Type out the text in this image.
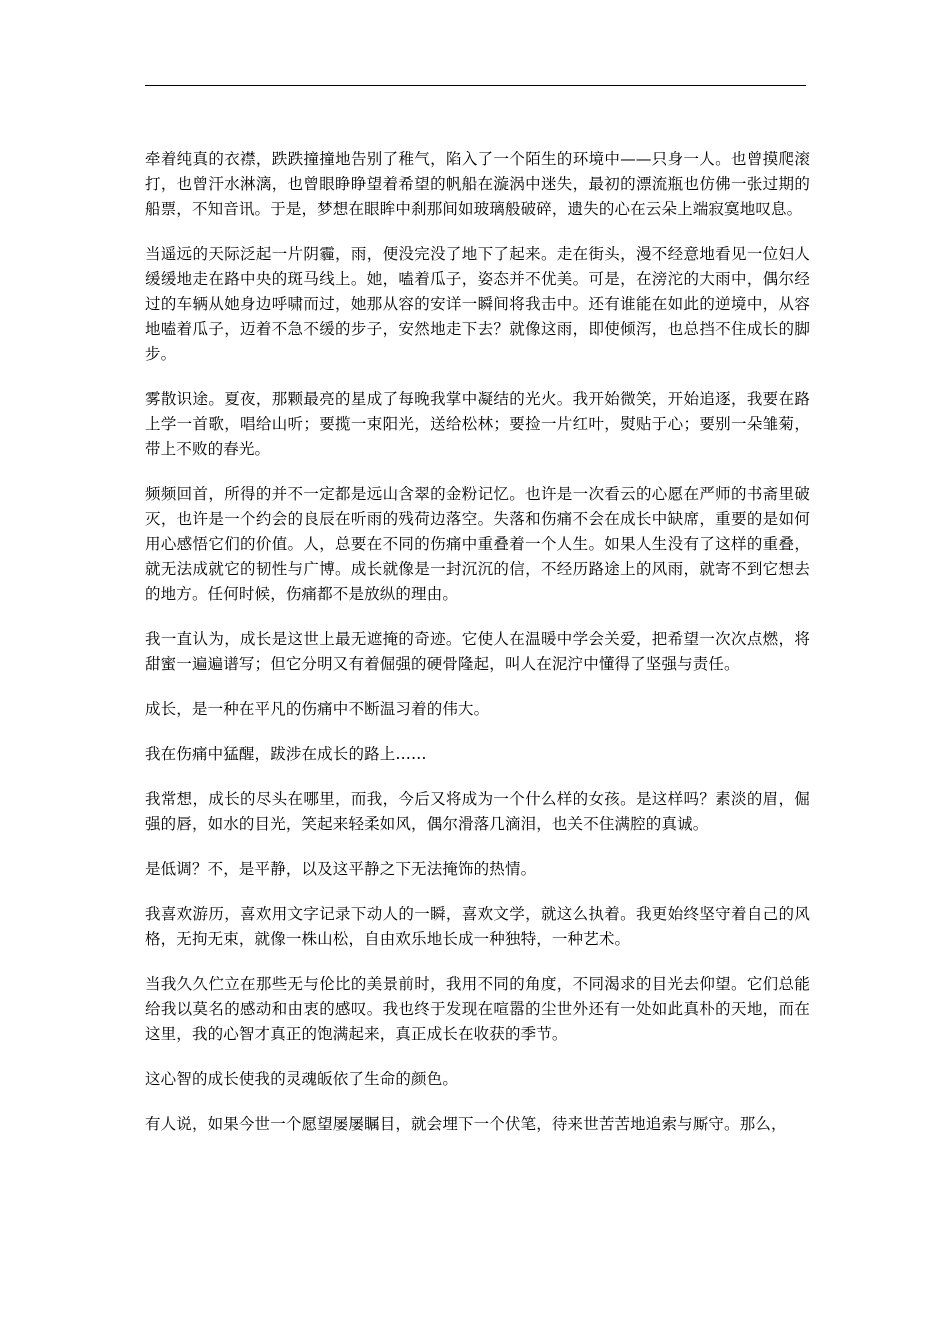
牵着纯真的衣襟，跌跌撞撞地告别了稚气，陷入了一个陌生的环境中——只身一人。也曾摸爬滚打，也曾汗水淋漓，也曾眼睁睁望着希望的帆船在漩涡中迷失，最初的漂流瓶也仿佛一张过期的船票，不知音讯。于是，梦想在眼眸中刹那间如玻璃般破碎，遗失的心在云朵上端寂寞地叹息。

当遥远的天际泛起一片阴霾，雨，便没完没了地下了起来。走在街头，漫不经意地看见一位妇人缓缓地走在路中央的斑马线上。她，嗑着瓜子，姿态并不优美。可是，在滂沱的大雨中，偶尔经过的车辆从她身边呼啸而过，她那从容的安详一瞬间将我击中。还有谁能在如此的逆境中，从容地嗑着瓜子，迈着不急不缓的步子，安然地走下去？就像这雨，即使倾泻，也总挡不住成长的脚步。

雾散识途。夏夜，那颗最亮的星成了每晚我掌中凝结的光火。我开始微笑，开始追逐，我要在路上学一首歌，唱给山听；要揽一束阳光，送给松林；要捡一片红叶，熨贴于心；要别一朵雏菊，带上不败的春光。

频频回首，所得的并不一定都是远山含翠的金粉记忆。也许是一次看云的心愿在严师的书斋里破灭，也许是一个约会的良辰在听雨的残荷边落空。失落和伤痛不会在成长中缺席，重要的是如何用心感悟它们的价值。人，总要在不同的伤痛中重叠着一个人生。如果人生没有了这样的重叠，就无法成就它的韧性与广博。成长就像是一封沉沉的信，不经历路途上的风雨，就寄不到它想去的地方。任何时候，伤痛都不是放纵的理由。

我一直认为，成长是这世上最无遮掩的奇迹。它使人在温暖中学会关爱，把希望一次次点燃，将甜蜜一遍遍谱写；但它分明又有着倔强的硬骨隆起，叫人在泥泞中懂得了坚强与责任。

成长，是一种在平凡的伤痛中不断温习着的伟大。

我在伤痛中猛醒，跋涉在成长的路上……

我常想，成长的尽头在哪里，而我，今后又将成为一个什么样的女孩。是这样吗？素淡的眉，倔强的唇，如水的目光，笑起来轻柔如风，偶尔滑落几滴泪，也关不住满腔的真诚。

是低调？不，是平静，以及这平静之下无法掩饰的热情。

我喜欢游历，喜欢用文字记录下动人的一瞬，喜欢文学，就这么执着。我更始终坚守着自己的风格，无拘无束，就像一株山松，自由欢乐地长成一种独特，一种艺术。

当我久久伫立在那些无与伦比的美景前时，我用不同的角度，不同渴求的目光去仰望。它们总能给我以莫名的感动和由衷的感叹。我也终于发现在喧嚣的尘世外还有一处如此真朴的天地，而在这里，我的心智才真正的饱满起来，真正成长在收获的季节。

这心智的成长使我的灵魂皈依了生命的颜色。

有人说，如果今世一个愿望屡屡瞩目，就会埋下一个伏笔，待来世苦苦地追索与厮守。那么，
